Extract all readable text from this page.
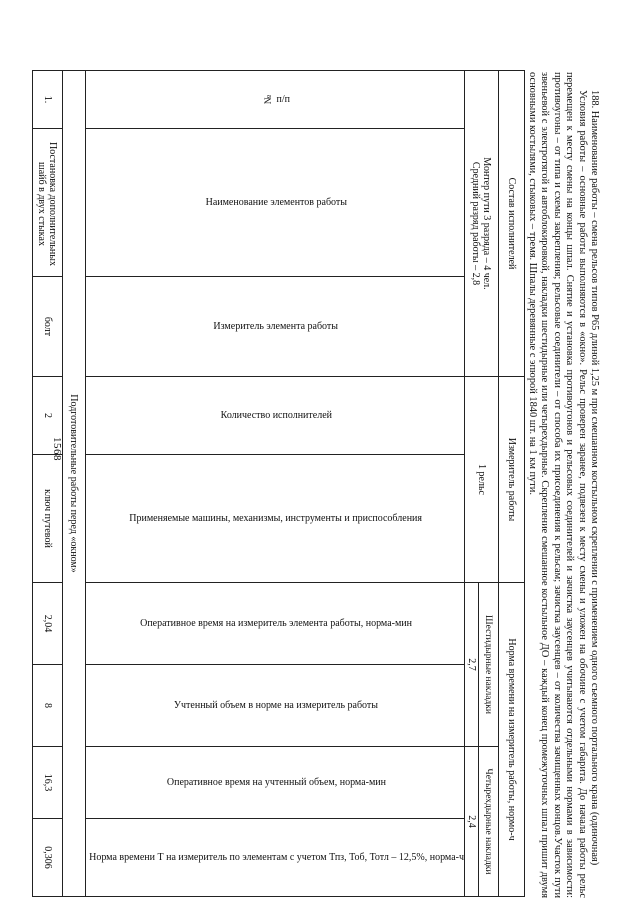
1568	188. Наименование работы – смена рельсов типов Р65 длиной 1,25 м при смешанном костыльном скреплении с применением одного съемного портального крана (одиночная)

Условия работы – основные работы выполняются в «окно». Рельс проверен заранее, подвезен к месту смены и уложен на обочине с учетом габарита. До начала работы рельс перемещен к месту смены на концы шпал. Снятие и установка противоугонов и рельсовых соединителей и зачистка заусенцев учитываются отдельными нормами в зависимости: противоугоны – от типа и схемы закрепления; рельсовые соединители – от способа их присоединения к рельсам; зачистка заусенцев – от количества зачищенных концов.Участок пути звеньевой с электротягой и автоблокировкой, накладки шестидырные или четырехдырные. Скрепление смешанное костыльное ДО – каждый конец промежуточных шпал пришит двумя основными костылями, стыковых – тремя. Шпалы деревянные с эпюрой 1840 шт. на 1 км пути.

Состав исполнителей			Измеритель работы		Норма времени на измеритель работы, нормо-ч			

Монтер пути 3 разряда – 4 чел.
Средний разряд работы – 2,8			1 рельс		Шестидырные накладки		Четырехдырные накладки	
					2,7		2,4	
№ п/п	Наименование элементов работы	Измеритель элемента работы	Количество исполнителей	Применяемые машины, механизмы, инструменты и приспособления	Оперативное время на измеритель элемента работы, норма-мин	Учтенный объем в норме на измеритель работы	Оперативное время на учтенный объем, норма-мин	Норма времени Т на измеритель по элементам с учетом Тпз, Тоб, Тотл – 12,5%, норма-ч
Подготовительные работы перед «окном»								
1.	Постановка дополнительных шайб в двух стыках	болт	2	ключ путевой	2,04	8	16,3	0,306
